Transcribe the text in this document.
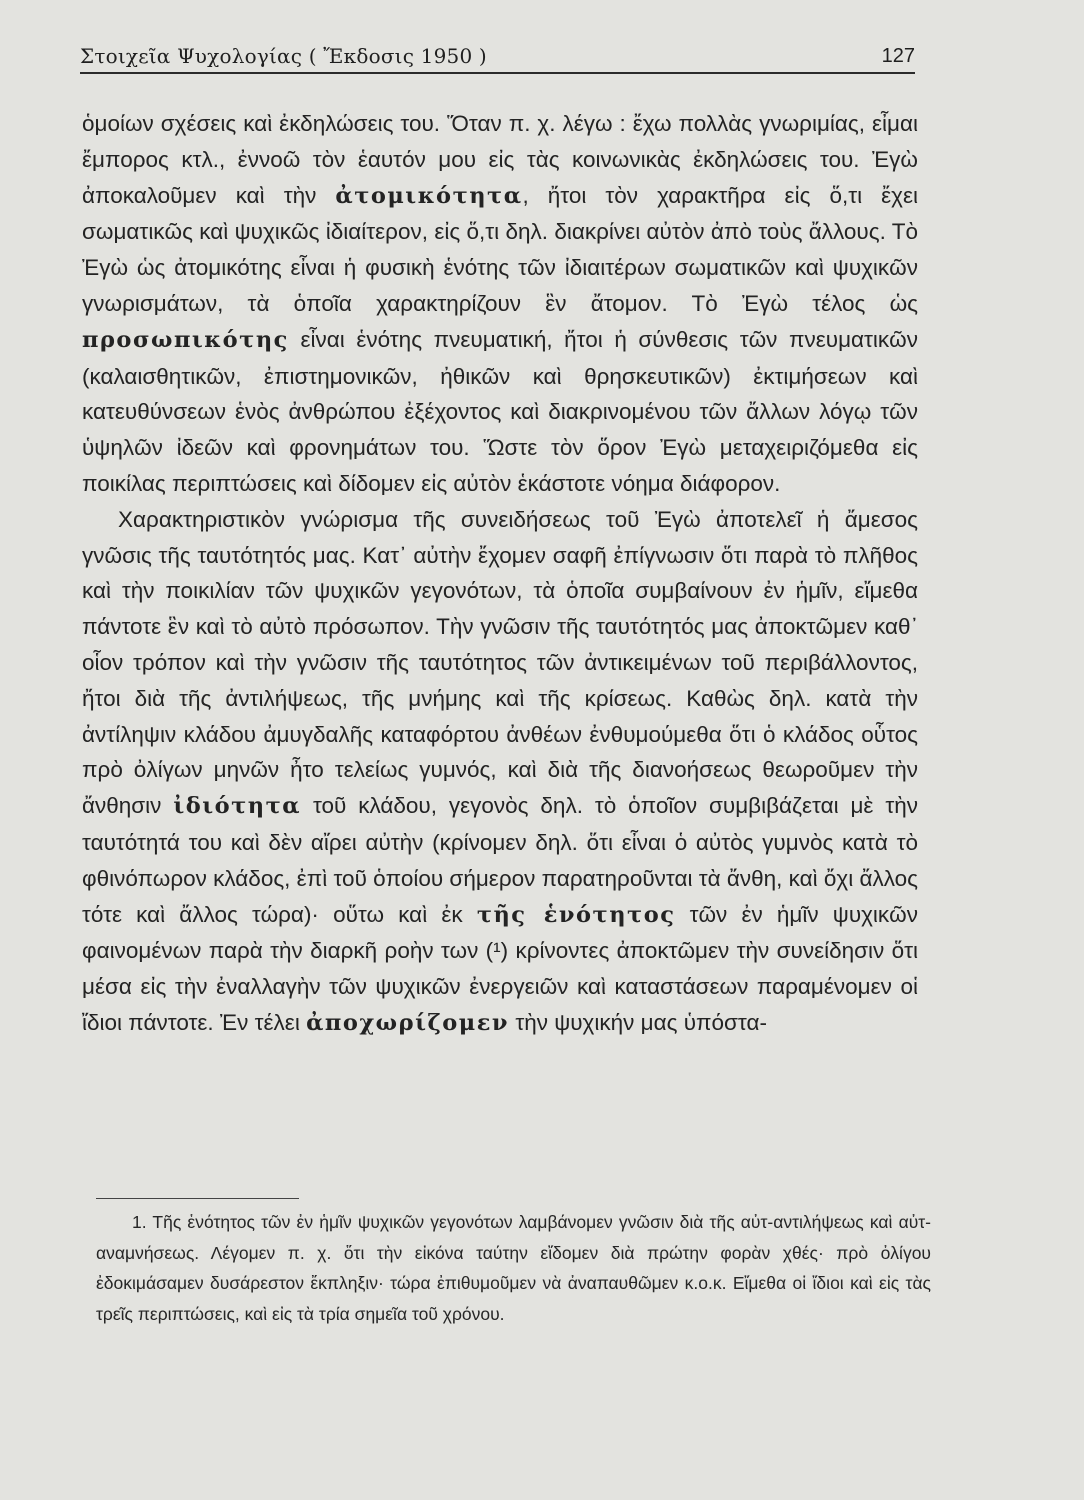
Στοιχεῖα Ψυχολογίας ( Ἔκδοσις 1950 )	127

ὁμοίων σχέσεις καὶ ἐκδηλώσεις του. Ὅταν π. χ. λέγω : ἔχω πολλὰς γνωριμίας, εἶμαι ἔμπορος κτλ., ἐννοῶ τὸν ἑαυτόν μου εἰς τὰς κοινωνικὰς ἐκδηλώσεις του. Ἐγὼ ἀποκαλοῦμεν καὶ τὴν ἀτομικότητα, ἤτοι τὸν χαρακτῆρα εἰς ὅ,τι ἔχει σωματικῶς καὶ ψυχικῶς ἰδιαίτερον, εἰς ὅ,τι δηλ. διακρίνει αὐτὸν ἀπὸ τοὺς ἄλλους. Τὸ Ἐγὼ ὡς ἀτομικότης εἶναι ἡ φυσικὴ ἑνότης τῶν ἰδιαιτέρων σωματικῶν καὶ ψυχικῶν γνωρισμάτων, τὰ ὁποῖα χαρακτηρίζουν ἓν ἄτομον. Τὸ Ἐγὼ τέλος ὡς προσωπικότης εἶναι ἑνότης πνευματική, ἤτοι ἡ σύνθεσις τῶν πνευματικῶν (καλαισθητικῶν, ἐπιστημονικῶν, ἠθικῶν καὶ θρησκευτικῶν) ἐκτιμήσεων καὶ κατευθύνσεων ἑνὸς ἀνθρώπου ἐξέχοντος καὶ διακρινομένου τῶν ἄλλων λόγῳ τῶν ὑψηλῶν ἰδεῶν καὶ φρονημάτων του. Ὥστε τὸν ὅρον Ἐγὼ μεταχειριζόμεθα εἰς ποικίλας περιπτώσεις καὶ δίδομεν εἰς αὐτὸν ἑκάστοτε νόημα διάφορον.

Χαρακτηριστικὸν γνώρισμα τῆς συνειδήσεως τοῦ Ἐγὼ ἀποτελεῖ ἡ ἄμεσος γνῶσις τῆς ταυτότητός μας. Κατ᾽ αὐτὴν ἔχομεν σαφῆ ἐπίγνωσιν ὅτι παρὰ τὸ πλῆθος καὶ τὴν ποικιλίαν τῶν ψυχικῶν γεγονότων, τὰ ὁποῖα συμβαίνουν ἐν ἡμῖν, εἴμεθα πάντοτε ἓν καὶ τὸ αὐτὸ πρόσωπον. Τὴν γνῶσιν τῆς ταυτότητός μας ἀποκτῶμεν καθ᾽ οἷον τρόπον καὶ τὴν γνῶσιν τῆς ταυτότητος τῶν ἀντικειμένων τοῦ περιβάλλοντος, ἤτοι διὰ τῆς ἀντιλήψεως, τῆς μνήμης καὶ τῆς κρίσεως. Καθὼς δηλ. κατὰ τὴν ἀντίληψιν κλάδου ἀμυγδαλῆς καταφόρτου ἀνθέων ἐνθυμούμεθα ὅτι ὁ κλάδος οὗτος πρὸ ὀλίγων μηνῶν ἦτο τελείως γυμνός, καὶ διὰ τῆς διανοήσεως θεωροῦμεν τὴν ἄνθησιν ἰδιότητα τοῦ κλάδου, γεγονὸς δηλ. τὸ ὁποῖον συμβιβάζεται μὲ τὴν ταυτότητά του καὶ δὲν αἴρει αὐτὴν (κρίνομεν δηλ. ὅτι εἶναι ὁ αὐτὸς γυμνὸς κατὰ τὸ φθινόπωρον κλάδος, ἐπὶ τοῦ ὁποίου σήμερον παρατηροῦνται τὰ ἄνθη, καὶ ὄχι ἄλλος τότε καὶ ἄλλος τώρα)· οὕτω καὶ ἐκ τῆς ἑνότητος τῶν ἐν ἡμῖν ψυχικῶν φαινομένων παρὰ τὴν διαρκῆ ροὴν των (¹) κρίνοντες ἀποκτῶμεν τὴν συνείδησιν ὅτι μέσα εἰς τὴν ἐναλλαγὴν τῶν ψυχικῶν ἐνεργειῶν καὶ καταστάσεων παραμένομεν οἱ ἴδιοι πάντοτε. Ἐν τέλει ἀποχωρίζομεν τὴν ψυχικήν μας ὑπόστα-

1. Τῆς ἑνότητος τῶν ἐν ἡμῖν ψυχικῶν γεγονότων λαμβάνομεν γνῶσιν διὰ τῆς αὐτ-αντιλήψεως καὶ αὐτ-αναμνήσεως. Λέγομεν π. χ. ὅτι τὴν εἰκόνα ταύτην εἴδομεν διὰ πρώτην φορὰν χθές· πρὸ ὀλίγου ἐδοκιμάσαμεν δυσάρεστον ἔκπληξιν· τώρα ἐπιθυμοῦμεν νὰ ἀναπαυθῶμεν κ.ο.κ. Εἴμεθα οἱ ἴδιοι καὶ εἰς τὰς τρεῖς περιπτώσεις, καὶ εἰς τὰ τρία σημεῖα τοῦ χρόνου.
